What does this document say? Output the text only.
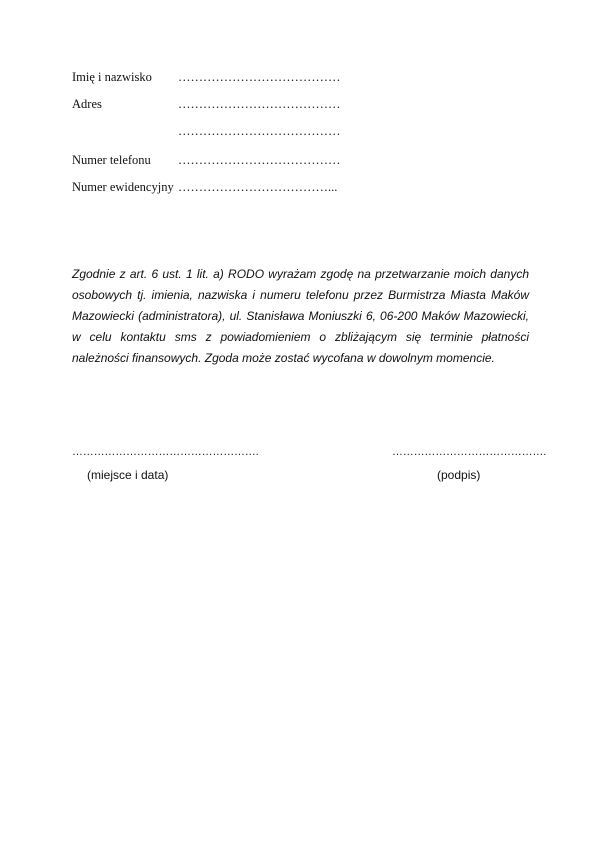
Imię i nazwisko …………………………………
Adres	…………………………………
…………………………………
Numer telefonu …………………………………
Numer ewidencyjny ………………………………...

Zgodnie z art. 6 ust. 1 lit. a) RODO wyrażam zgodę na przetwarzanie moich danych osobowych tj. imienia, nazwiska i numeru telefonu przez Burmistrza Miasta Maków Mazowiecki (administratora), ul. Stanisława Moniuszki 6, 06-200 Maków Mazowiecki, w celu kontaktu sms z powiadomieniem o zbliżającym się terminie płatności należności finansowych. Zgoda może zostać wycofana w dowolnym momencie.

…………………………………………….	…………………………………….
(miejsce i data)	(podpis)
